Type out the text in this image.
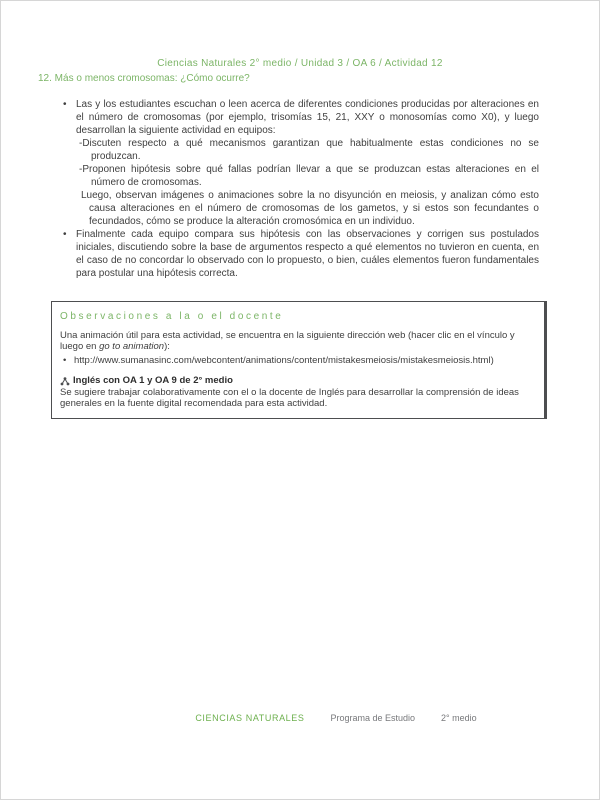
Ciencias Naturales 2° medio / Unidad 3 / OA 6 / Actividad 12
12. Más o menos cromosomas: ¿Cómo ocurre?
• Las y los estudiantes escuchan o leen acerca de diferentes condiciones producidas por alteraciones en el número de cromosomas (por ejemplo, trisomías 15, 21, XXY o monosomías como X0), y luego desarrollan la siguiente actividad en equipos:
-Discuten respecto a qué mecanismos garantizan que habitualmente estas condiciones no se produzcan.
-Proponen hipótesis sobre qué fallas podrían llevar a que se produzcan estas alteraciones en el número de cromosomas.
Luego, observan imágenes o animaciones sobre la no disyunción en meiosis, y analizan cómo esto causa alteraciones en el número de cromosomas de los gametos, y si estos son fecundantes o fecundados, cómo se produce la alteración cromosómica en un individuo.
• Finalmente cada equipo compara sus hipótesis con las observaciones y corrigen sus postulados iniciales, discutiendo sobre la base de argumentos respecto a qué elementos no tuvieron en cuenta, en el caso de no concordar lo observado con lo propuesto, o bien, cuáles elementos fueron fundamentales para postular una hipótesis correcta.
Observaciones a la o el docente
Una animación útil para esta actividad, se encuentra en la siguiente dirección web (hacer clic en el vínculo y luego en go to animation):
• http://www.sumanasinc.com/webcontent/animations/content/mistakesmeiosis/mistakesmeiosis.html)
Inglés con OA 1 y OA 9 de 2° medio
Se sugiere trabajar colaborativamente con el o la docente de Inglés para desarrollar la comprensión de ideas generales en la fuente digital recomendada para esta actividad.
CIENCIAS NATURALES	Programa de Estudio	2° medio
